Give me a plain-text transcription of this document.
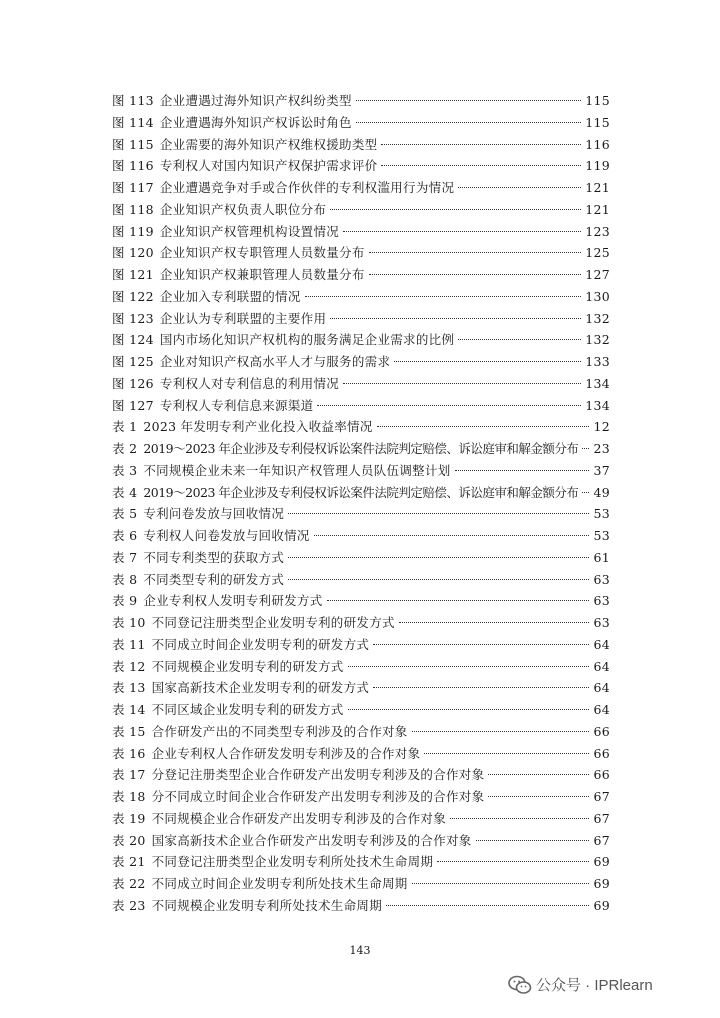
图 113 企业遭遇过海外知识产权纠纷类型	115
图 114 企业遭遇海外知识产权诉讼时角色	115
图 115 企业需要的海外知识产权维权援助类型	116
图 116 专利权人对国内知识产权保护需求评价	119
图 117 企业遭遇竞争对手或合作伙伴的专利权滥用行为情况	121
图 118 企业知识产权负责人职位分布	121
图 119 企业知识产权管理机构设置情况	123
图 120 企业知识产权专职管理人员数量分布	125
图 121 企业知识产权兼职管理人员数量分布	127
图 122 企业加入专利联盟的情况	130
图 123 企业认为专利联盟的主要作用	132
图 124 国内市场化知识产权机构的服务满足企业需求的比例	132
图 125 企业对知识产权高水平人才与服务的需求	133
图 126 专利权人对专利信息的利用情况	134
图 127 专利权人专利信息来源渠道	134
表 1 2023 年发明专利产业化投入收益率情况	12
表 2 2019～2023 年企业涉及专利侵权诉讼案件法院判定赔偿、诉讼庭审和解金额分布 23
表 3 不同规模企业未来一年知识产权管理人员队伍调整计划	37
表 4 2019～2023 年企业涉及专利侵权诉讼案件法院判定赔偿、诉讼庭审和解金额分布 49
表 5 专利问卷发放与回收情况	53
表 6 专利权人问卷发放与回收情况	53
表 7 不同专利类型的获取方式	61
表 8 不同类型专利的研发方式	63
表 9 企业专利权人发明专利研发方式	63
表 10 不同登记注册类型企业发明专利的研发方式	63
表 11 不同成立时间企业发明专利的研发方式	64
表 12 不同规模企业发明专利的研发方式	64
表 13 国家高新技术企业发明专利的研发方式	64
表 14 不同区域企业发明专利的研发方式	64
表 15 合作研发产出的不同类型专利涉及的合作对象	66
表 16 企业专利权人合作研发发明专利涉及的合作对象	66
表 17 分登记注册类型企业合作研发产出发明专利涉及的合作对象	66
表 18 分不同成立时间企业合作研发产出发明专利涉及的合作对象	67
表 19 不同规模企业合作研发产出发明专利涉及的合作对象	67
表 20 国家高新技术企业合作研发产出发明专利涉及的合作对象	67
表 21 不同登记注册类型企业发明专利所处技术生命周期	69
表 22 不同成立时间企业发明专利所处技术生命周期	69
表 23 不同规模企业发明专利所处技术生命周期	69
143
公众号 · IPRlearn
